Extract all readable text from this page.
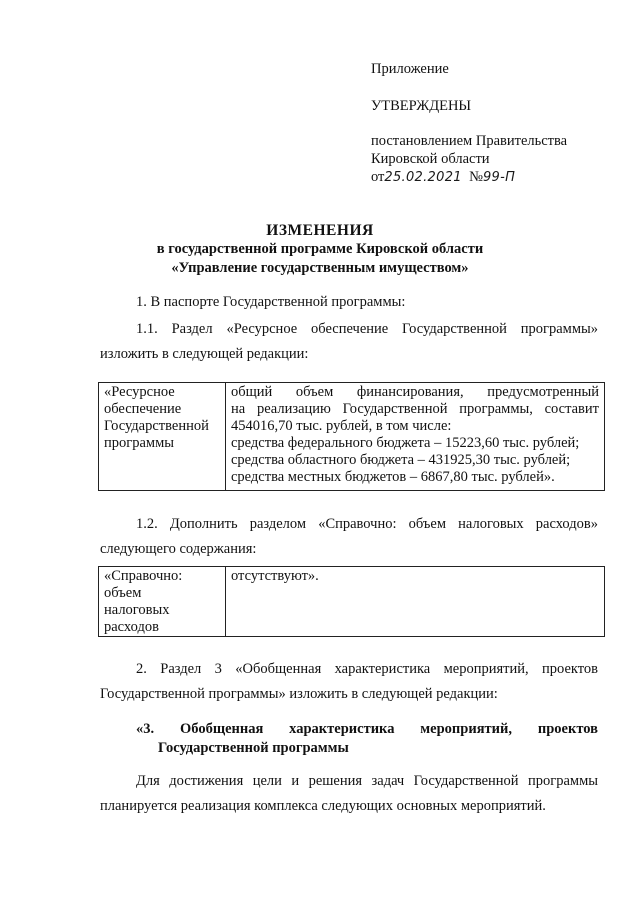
Приложение
УТВЕРЖДЕНЫ
постановлением Правительства
Кировской области
от25.02.2021 №99-П
ИЗМЕНЕНИЯ
в государственной программе Кировской области
«Управление государственным имуществом»
1. В паспорте Государственной программы:
1.1. Раздел «Ресурсное обеспечение Государственной программы»
изложить в следующей редакции:
«Ресурсное
обеспечение
Государственной
программы
общий объем финансирования, предусмотренный
на реализацию Государственной программы, составит
454016,70 тыс. рублей, в том числе:
средства федерального бюджета – 15223,60 тыс. рублей;
средства областного бюджета – 431925,30 тыс. рублей;
средства местных бюджетов – 6867,80 тыс. рублей».
1.2. Дополнить разделом «Справочно: объем налоговых расходов»
следующего содержания:
«Справочно:
объем
налоговых
расходов
отсутствуют».
2. Раздел 3 «Обобщенная характеристика мероприятий, проектов
Государственной программы» изложить в следующей редакции:
«3. Обобщенная характеристика мероприятий, проектов
Государственной программы
Для достижения цели и решения задач Государственной программы
планируется реализация комплекса следующих основных мероприятий.
